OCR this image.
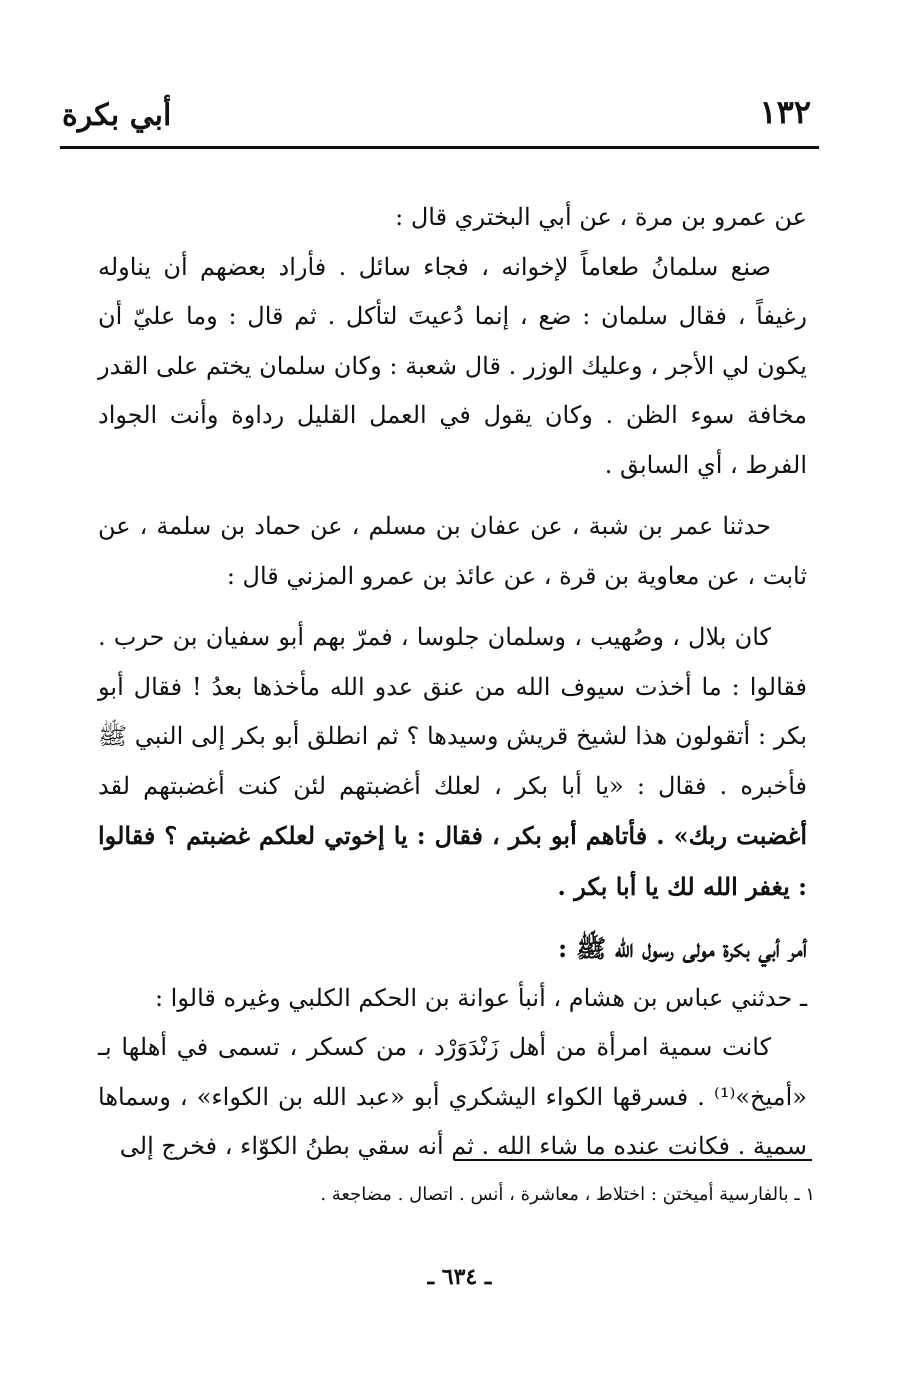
١٣٢
أبي بكرة

عن عمرو بن مرة ، عن أبي البختري قال :

صنع سلمانُ طعاماً لإخوانه ، فجاء سائل . فأراد بعضهم أن يناوله رغيفاً ، فقال سلمان : ضع ، إنما دُعيتَ لتأكل . ثم قال : وما عليّ أن يكون لي الأجر ، وعليك الوزر . قال شعبة : وكان سلمان يختم على القدر مخافة سوء الظن . وكان يقول في العمل القليل رداوة وأنت الجواد الفرط ، أي السابق .

حدثنا عمر بن شبة ، عن عفان بن مسلم ، عن حماد بن سلمة ، عن ثابت ، عن معاوية بن قرة ، عن عائذ بن عمرو المزني قال :

كان بلال ، وصُهيب ، وسلمان جلوسا ، فمرّ بهم أبو سفيان بن حرب . فقالوا : ما أخذت سيوف الله من عنق عدو الله مأخذها بعدُ ! فقال أبو بكر : أتقولون هذا لشيخ قريش وسيدها ؟ ثم انطلق أبو بكر إلى النبي ﷺ فأخبره . فقال : «يا أبا بكر ، لعلك أغضبتهم لئن كنت أغضبتهم لقد أغضبت ربك» . فأتاهم أبو بكر ، فقال : يا إخوتي لعلكم غضبتم ؟ فقالوا : يغفر الله لك يا أبا بكر .

أمر أبي بكرة مولى رسول الله ﷺ :

ـ حدثني عباس بن هشام ، أنبأ عوانة بن الحكم الكلبي وغيره قالوا :

كانت سمية امرأة من أهل زَنْدَوَرْد ، من كسكر ، تسمى في أهلها بـ «أميخ»⁽¹⁾ . فسرقها الكواء اليشكري أبو «عبد الله بن الكواء» ، وسماها سمية . فكانت عنده ما شاء الله . ثم أنه سقي بطنُ الكوّاء ، فخرج إلى

١ ـ بالفارسية أميختن : اختلاط ، معاشرة ، أنس . اتصال . مضاجعة .
ـ ٦٣٤ ـ
